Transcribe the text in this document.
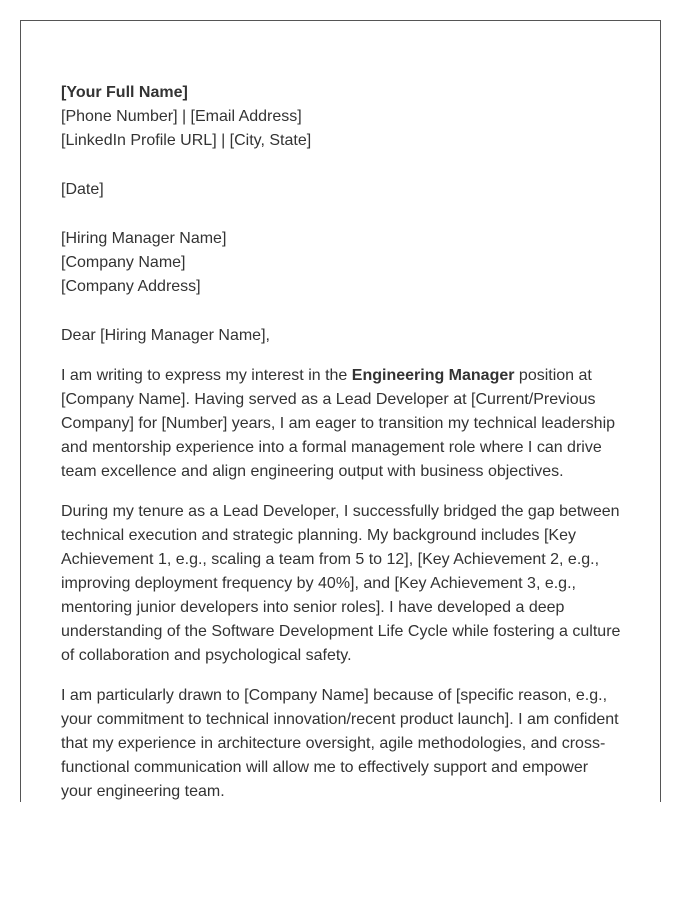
[Your Full Name]
[Phone Number] | [Email Address]
[LinkedIn Profile URL] | [City, State]
[Date]
[Hiring Manager Name]
[Company Name]
[Company Address]
Dear [Hiring Manager Name],
I am writing to express my interest in the Engineering Manager position at
[Company Name]. Having served as a Lead Developer at [Current/Previous
Company] for [Number] years, I am eager to transition my technical leadership
and mentorship experience into a formal management role where I can drive
team excellence and align engineering output with business objectives.
During my tenure as a Lead Developer, I successfully bridged the gap between
technical execution and strategic planning. My background includes [Key
Achievement 1, e.g., scaling a team from 5 to 12], [Key Achievement 2, e.g.,
improving deployment frequency by 40%], and [Key Achievement 3, e.g.,
mentoring junior developers into senior roles]. I have developed a deep
understanding of the Software Development Life Cycle while fostering a culture
of collaboration and psychological safety.
I am particularly drawn to [Company Name] because of [specific reason, e.g.,
your commitment to technical innovation/recent product launch]. I am confident
that my experience in architecture oversight, agile methodologies, and cross-
functional communication will allow me to effectively support and empower
your engineering team.
